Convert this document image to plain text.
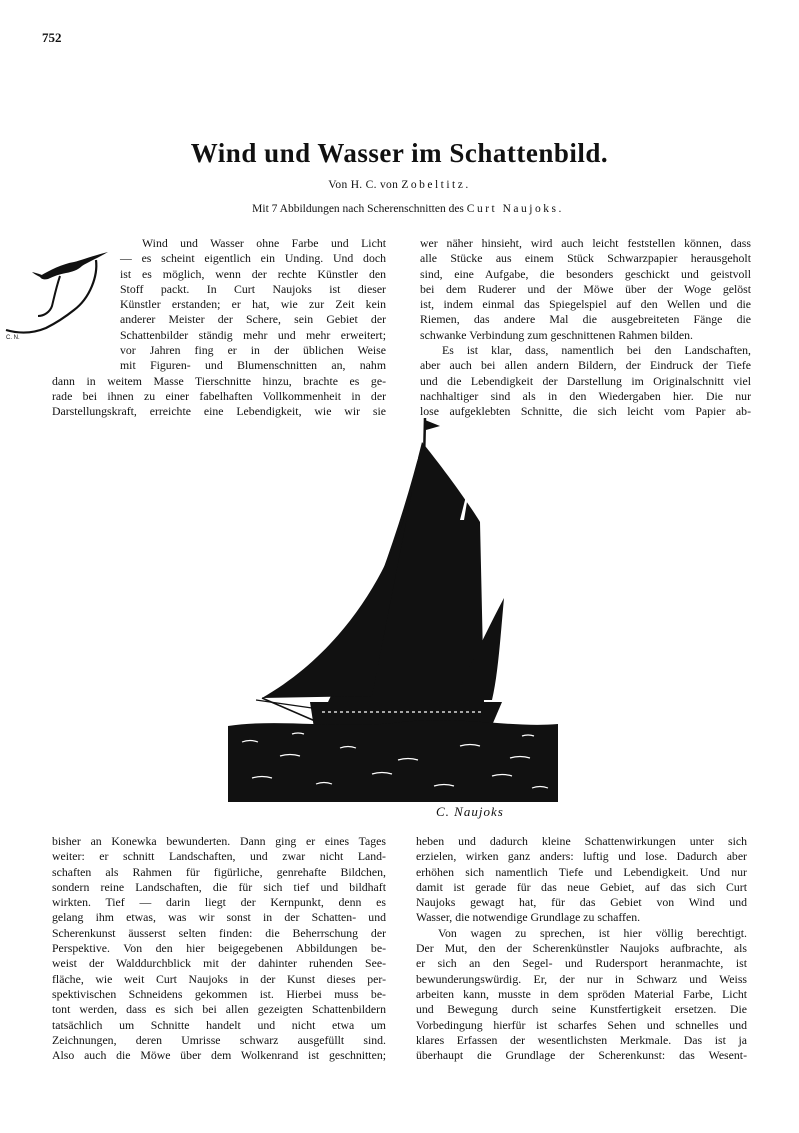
752
Wind und Wasser im Schattenbild.
Von H. C. von Zobeltitz.
Mit 7 Abbildungen nach Scherenschnitten des Curt Naujoks.
C. N.
Wind und Wasser ohne Farbe und Licht
— es scheint eigentlich ein Unding. Und doch
ist es möglich, wenn der rechte Künstler den
Stoff packt. In Curt Naujoks ist dieser
Künstler erstanden; er hat, wie zur Zeit kein
anderer Meister der Schere, sein Gebiet der
Schattenbilder ständig mehr und mehr erweitert;
vor Jahren fing er in der üblichen Weise
mit Figuren- und Blumenschnitten an, nahm
dann in weitem Masse Tierschnitte hinzu, brachte es ge-
rade bei ihnen zu einer fabelhaften Vollkommenheit in der
Darstellungskraft, erreichte eine Lebendigkeit, wie wir sie
wer näher hinsieht, wird auch leicht feststellen können, dass
alle Stücke aus einem Stück Schwarzpapier herausgeholt
sind, eine Aufgabe, die besonders geschickt und geistvoll
bei dem Ruderer und der Möwe über der Woge gelöst
ist, indem einmal das Spiegelspiel auf den Wellen und die
Riemen, das andere Mal die ausgebreiteten Fänge die
schwanke Verbindung zum geschnittenen Rahmen bilden.
Es ist klar, dass, namentlich bei den Landschaften,
aber auch bei allen andern Bildern, der Eindruck der Tiefe
und die Lebendigkeit der Darstellung im Originalschnitt viel
nachhaltiger sind als in den Wiedergaben hier. Die nur
lose aufgeklebten Schnitte, die sich leicht vom Papier ab-
C. Naujoks
bisher an Konewka bewunderten. Dann ging er eines Tages
weiter: er schnitt Landschaften, und zwar nicht Land-
schaften als Rahmen für figürliche, genrehafte Bildchen,
sondern reine Landschaften, die für sich tief und bildhaft
wirkten. Tief — darin liegt der Kernpunkt, denn es
gelang ihm etwas, was wir sonst in der Schatten- und
Scherenkunst äusserst selten finden: die Beherrschung der
Perspektive. Von den hier beigegebenen Abbildungen be-
weist der Walddurchblick mit der dahinter ruhenden See-
fläche, wie weit Curt Naujoks in der Kunst dieses per-
spektivischen Schneidens gekommen ist. Hierbei muss be-
tont werden, dass es sich bei allen gezeigten Schattenbildern
tatsächlich um Schnitte handelt und nicht etwa um
Zeichnungen, deren Umrisse schwarz ausgefüllt sind.
Also auch die Möwe über dem Wolkenrand ist geschnitten;
heben und dadurch kleine Schattenwirkungen unter sich
erzielen, wirken ganz anders: luftig und lose. Dadurch aber
erhöhen sich namentlich Tiefe und Lebendigkeit. Und nur
damit ist gerade für das neue Gebiet, auf das sich Curt
Naujoks gewagt hat, für das Gebiet von Wind und
Wasser, die notwendige Grundlage zu schaffen.
Von wagen zu sprechen, ist hier völlig berechtigt.
Der Mut, den der Scherenkünstler Naujoks aufbrachte, als
er sich an den Segel- und Rudersport heranmachte, ist
bewunderungswürdig. Er, der nur in Schwarz und Weiss
arbeiten kann, musste in dem spröden Material Farbe, Licht
und Bewegung durch seine Kunstfertigkeit ersetzen. Die
Vorbedingung hierfür ist scharfes Sehen und schnelles und
klares Erfassen der wesentlichsten Merkmale. Das ist ja
überhaupt die Grundlage der Scherenkunst: das Wesent-
